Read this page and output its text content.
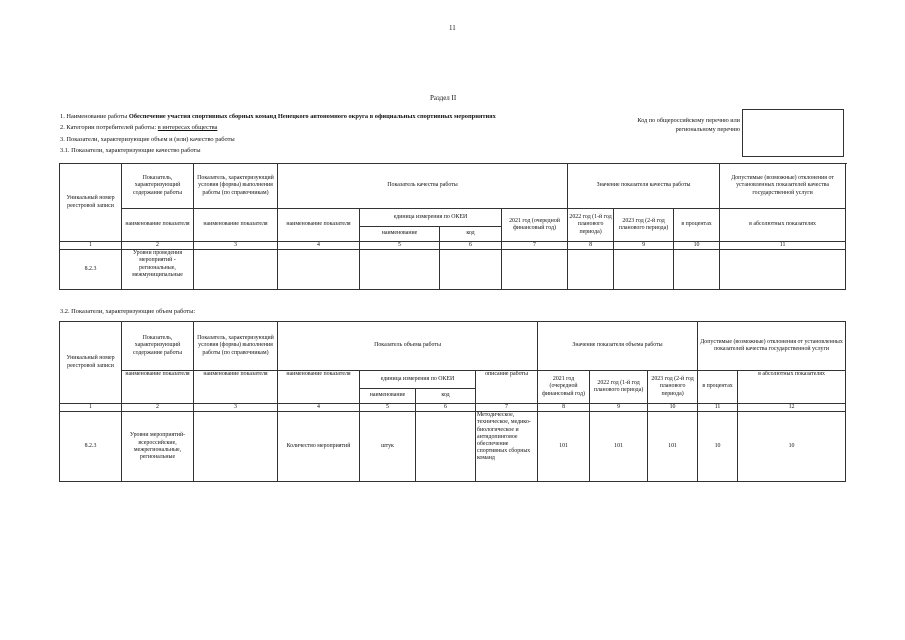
11
Раздел II
1. Наименование работы Обеспечение участия спортивных сборных команд Ненецкого автономного округа в официальных спортивных мероприятиях
2. Категории потребителей работы: в интересах общества
3. Показатели, характеризующие объем и (или) качество работы
3.1. Показатели, характеризующие качество работы
Код по общероссийскому перечню или региональному перечню
Уникальный номер реестровой записи	Показатель, характеризующий содержание работы	Показатель, характеризующий условия (формы) выполнения работы (по справочникам)	Показатель качества работы				Значение показателя качества работы			Допустимые (возможные) отклонения от установленных показателей качества государственной услуги
	наименование показателя	наименование показателя	наименование показателя	единица измерения по ОКЕИ		2021 год (очередной финансовый год)	2022 год (1-й год планового периода)	2023 год (2-й год планового периода)	в процентах	в абсолютных показателях
				наименование	код					
1	2	3	4	5	6	7	8	9	10	11
8.2.3	Уровни проведения мероприятий - региональные, межмуниципальные									
3.2. Показатели, характеризующие объем работы:
Уникальный номер реестровой записи	Показатель, характеризующий содержание работы	Показатель, характеризующий условия (формы) выполнения работы (по справочникам)	Показатель объема работы				Значение показателя объема работы			Допустимые (возможные) отклонения от установленных показателей качества государственной услуги	
	наименование показателя	наименование показателя	наименование показателя	единица измерения по ОКЕИ		описание работы	2021 год (очередной финансовый год)	2022 год (1-й год планового периода)	2023 год (2-й год планового периода)	в процентах	в абсолютных показателях
				наименование	код						
1	2	3	4	5	6	7	8	9	10	11	12
8.2.3	Уровни мероприятий-всероссийские, межрегиональные, региональные		Количество мероприятий	штук		Методическое, техническое, медико-биологическое и антидопинговое обеспечение спортивных сборных команд	101	101	101	10	10
